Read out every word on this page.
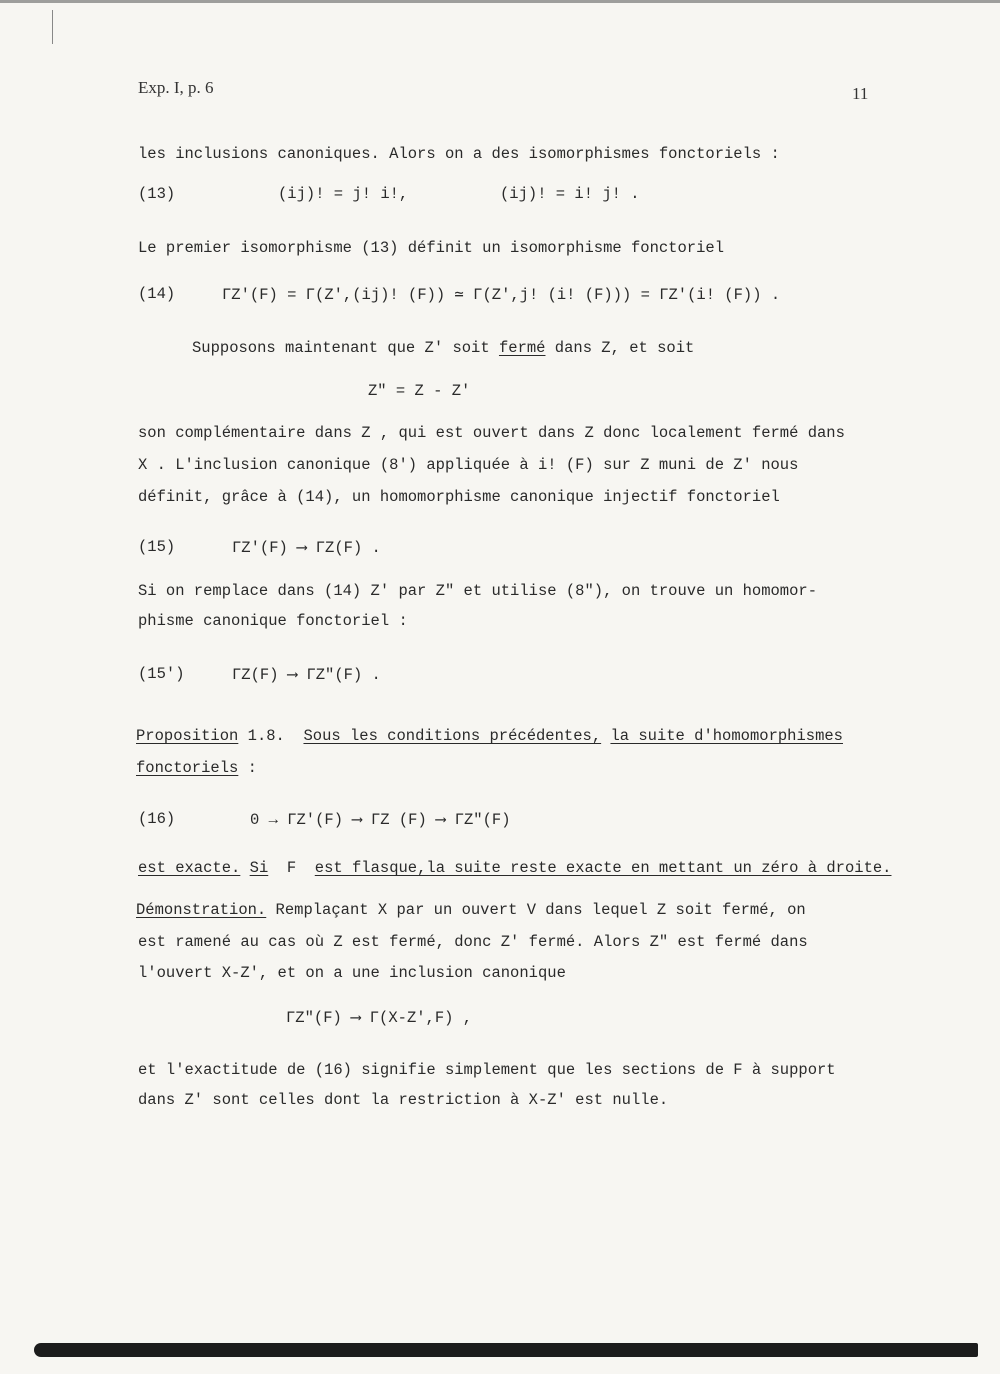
Exp. I, p. 6	11
les inclusions canoniques. Alors on a des isomorphismes fonctoriels :
(13)	(ij)! = j! i!,	(ij)! = i! j! .
Le premier isomorphisme (13) définit un isomorphisme fonctoriel
(14)	ΓZ'(F) = Γ(Z',(ij)! (F)) ≃ Γ(Z',j! (i! (F))) = ΓZ'(i! (F)) .
Supposons maintenant que Z' soit fermé dans Z, et soit
Z" = Z - Z'
son complémentaire dans Z , qui est ouvert dans Z donc localement fermé dans
X . L'inclusion canonique (8') appliquée à i! (F) sur Z muni de Z' nous
définit, grâce à (14), un homomorphisme canonique injectif fonctoriel
(15)	ΓZ'(F) ⟶ ΓZ(F) .
Si on remplace dans (14) Z' par Z" et utilise (8"), on trouve un homomor-
phisme canonique fonctoriel :
(15')	ΓZ(F) ⟶ ΓZ"(F) .
Proposition 1.8. Sous les conditions précédentes, la suite d'homomorphismes
fonctoriels :
(16)	0 → ΓZ'(F) ⟶ ΓZ (F) ⟶ ΓZ"(F)
est exacte. Si F est flasque,la suite reste exacte en mettant un zéro à droite.
Démonstration. Remplaçant X par un ouvert V dans lequel Z soit fermé, on
est ramené au cas où Z est fermé, donc Z' fermé. Alors Z" est fermé dans
l'ouvert X-Z', et on a une inclusion canonique
ΓZ"(F) ⟶ Γ(X-Z',F) ,
et l'exactitude de (16) signifie simplement que les sections de F à support
dans Z' sont celles dont la restriction à X-Z' est nulle.
